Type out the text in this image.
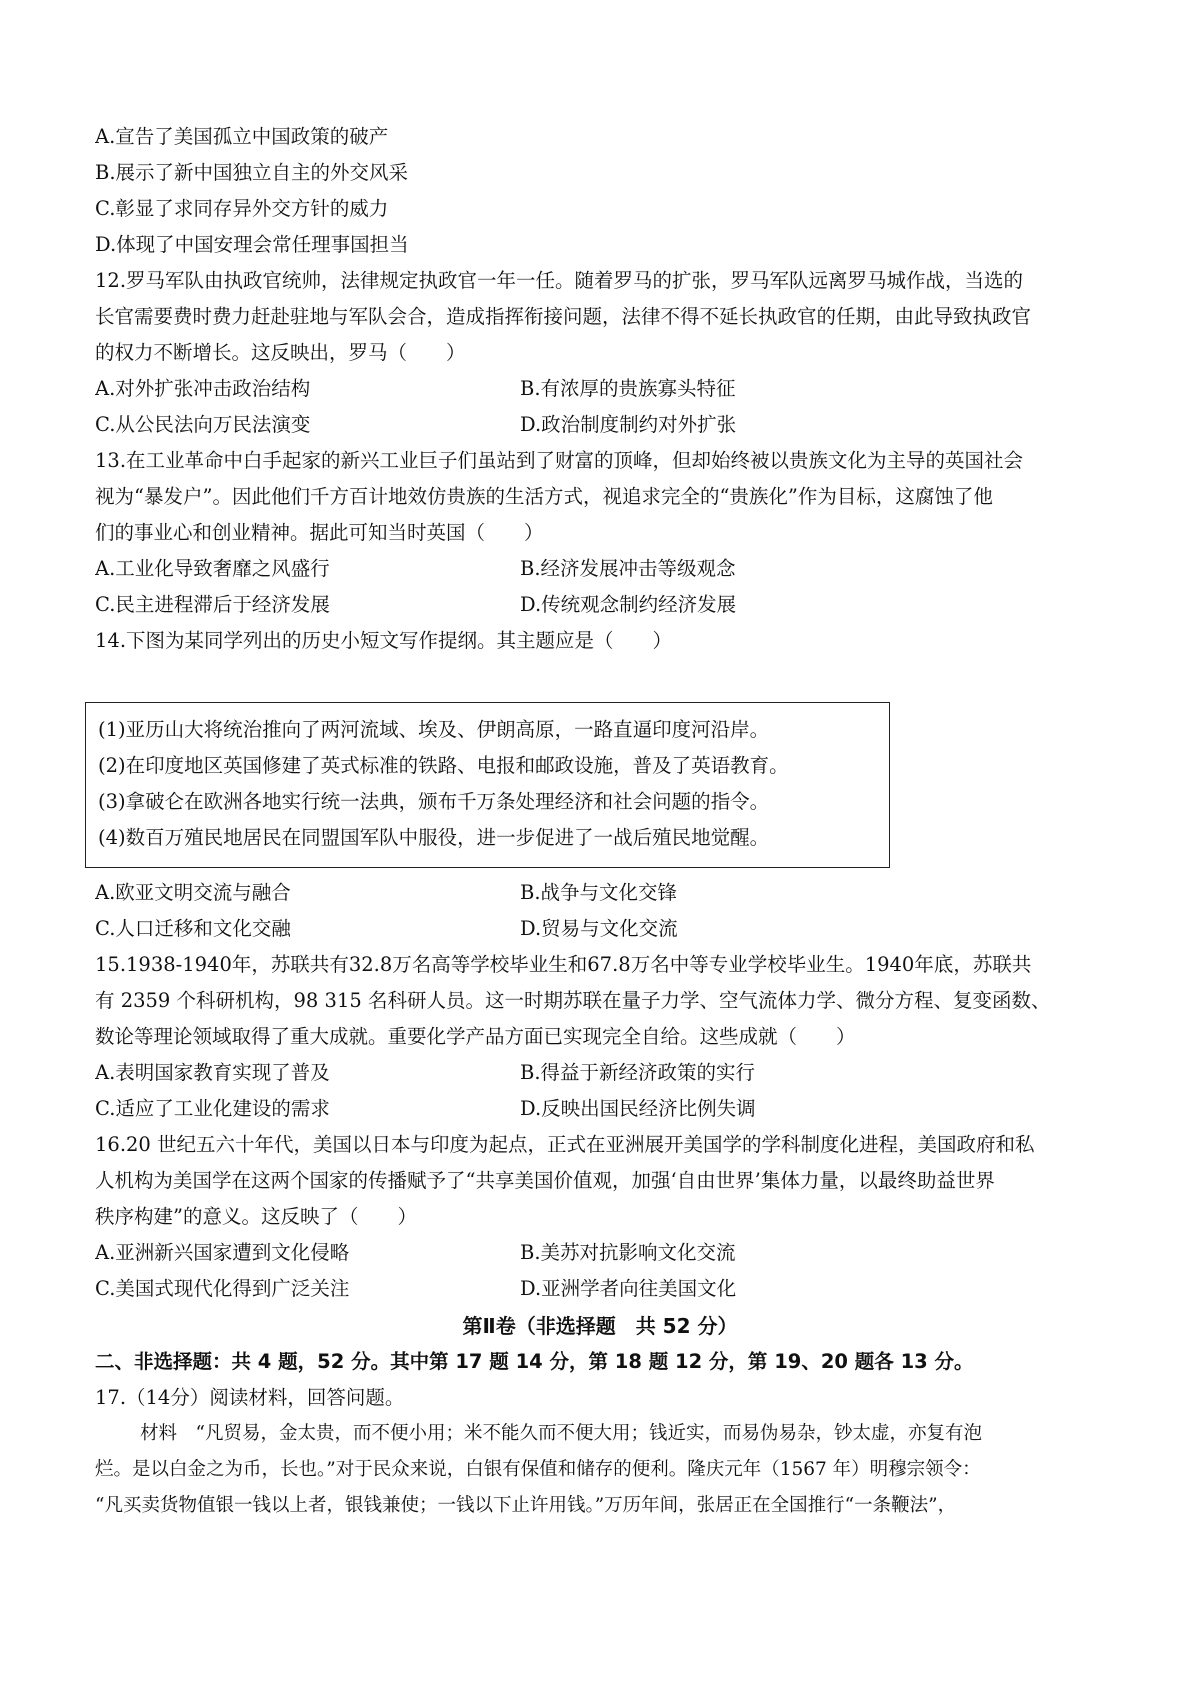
A.宣告了美国孤立中国政策的破产
B.展示了新中国独立自主的外交风采
C.彰显了求同存异外交方针的威力
D.体现了中国安理会常任理事国担当
12.罗马军队由执政官统帅，法律规定执政官一年一任。随着罗马的扩张，罗马军队远离罗马城作战，当选的
长官需要费时费力赶赴驻地与军队会合，造成指挥衔接问题，法律不得不延长执政官的任期，由此导致执政官
的权力不断增长。这反映出，罗马（　　）
A.对外扩张冲击政治结构	B.有浓厚的贵族寡头特征
C.从公民法向万民法演变	D.政治制度制约对外扩张
13.在工业革命中白手起家的新兴工业巨子们虽站到了财富的顶峰，但却始终被以贵族文化为主导的英国社会
视为“暴发户”。因此他们千方百计地效仿贵族的生活方式，视追求完全的“贵族化”作为目标，这腐蚀了他
们的事业心和创业精神。据此可知当时英国（　　）
A.工业化导致奢靡之风盛行	B.经济发展冲击等级观念
C.民主进程滞后于经济发展	D.传统观念制约经济发展
14.下图为某同学列出的历史小短文写作提纲。其主题应是（　　）
(1)亚历山大将统治推向了两河流域、埃及、伊朗高原，一路直逼印度河沿岸。
(2)在印度地区英国修建了英式标准的铁路、电报和邮政设施，普及了英语教育。
(3)拿破仑在欧洲各地实行统一法典，颁布千万条处理经济和社会问题的指令。
(4)数百万殖民地居民在同盟国军队中服役，进一步促进了一战后殖民地觉醒。
A.欧亚文明交流与融合	B.战争与文化交锋
C.人口迁移和文化交融	D.贸易与文化交流
15.1938-1940年，苏联共有32.8万名高等学校毕业生和67.8万名中等专业学校毕业生。1940年底，苏联共
有 2359 个科研机构，98 315 名科研人员。这一时期苏联在量子力学、空气流体力学、微分方程、复变函数、
数论等理论领域取得了重大成就。重要化学产品方面已实现完全自给。这些成就（　　）
A.表明国家教育实现了普及	B.得益于新经济政策的实行
C.适应了工业化建设的需求	D.反映出国民经济比例失调
16.20 世纪五六十年代，美国以日本与印度为起点，正式在亚洲展开美国学的学科制度化进程，美国政府和私
人机构为美国学在这两个国家的传播赋予了“共享美国价值观，加强‘自由世界’集体力量，以最终助益世界
秩序构建”的意义。这反映了（　　）
A.亚洲新兴国家遭到文化侵略	B.美苏对抗影响文化交流
C.美国式现代化得到广泛关注	D.亚洲学者向往美国文化
第Ⅱ卷（非选择题　共 52 分）
二、非选择题：共 4 题，52 分。其中第 17 题 14 分，第 18 题 12 分，第 19、20 题各 13 分。
17.（14分）阅读材料，回答问题。
材料　“凡贸易，金太贵，而不便小用；米不能久而不便大用；钱近实，而易伪易杂，钞太虚，亦复有泡
烂。是以白金之为币，长也。”对于民众来说，白银有保值和储存的便利。隆庆元年（1567 年）明穆宗领令：
“凡买卖货物值银一钱以上者，银钱兼使；一钱以下止许用钱。”万历年间，张居正在全国推行“一条鞭法”，
